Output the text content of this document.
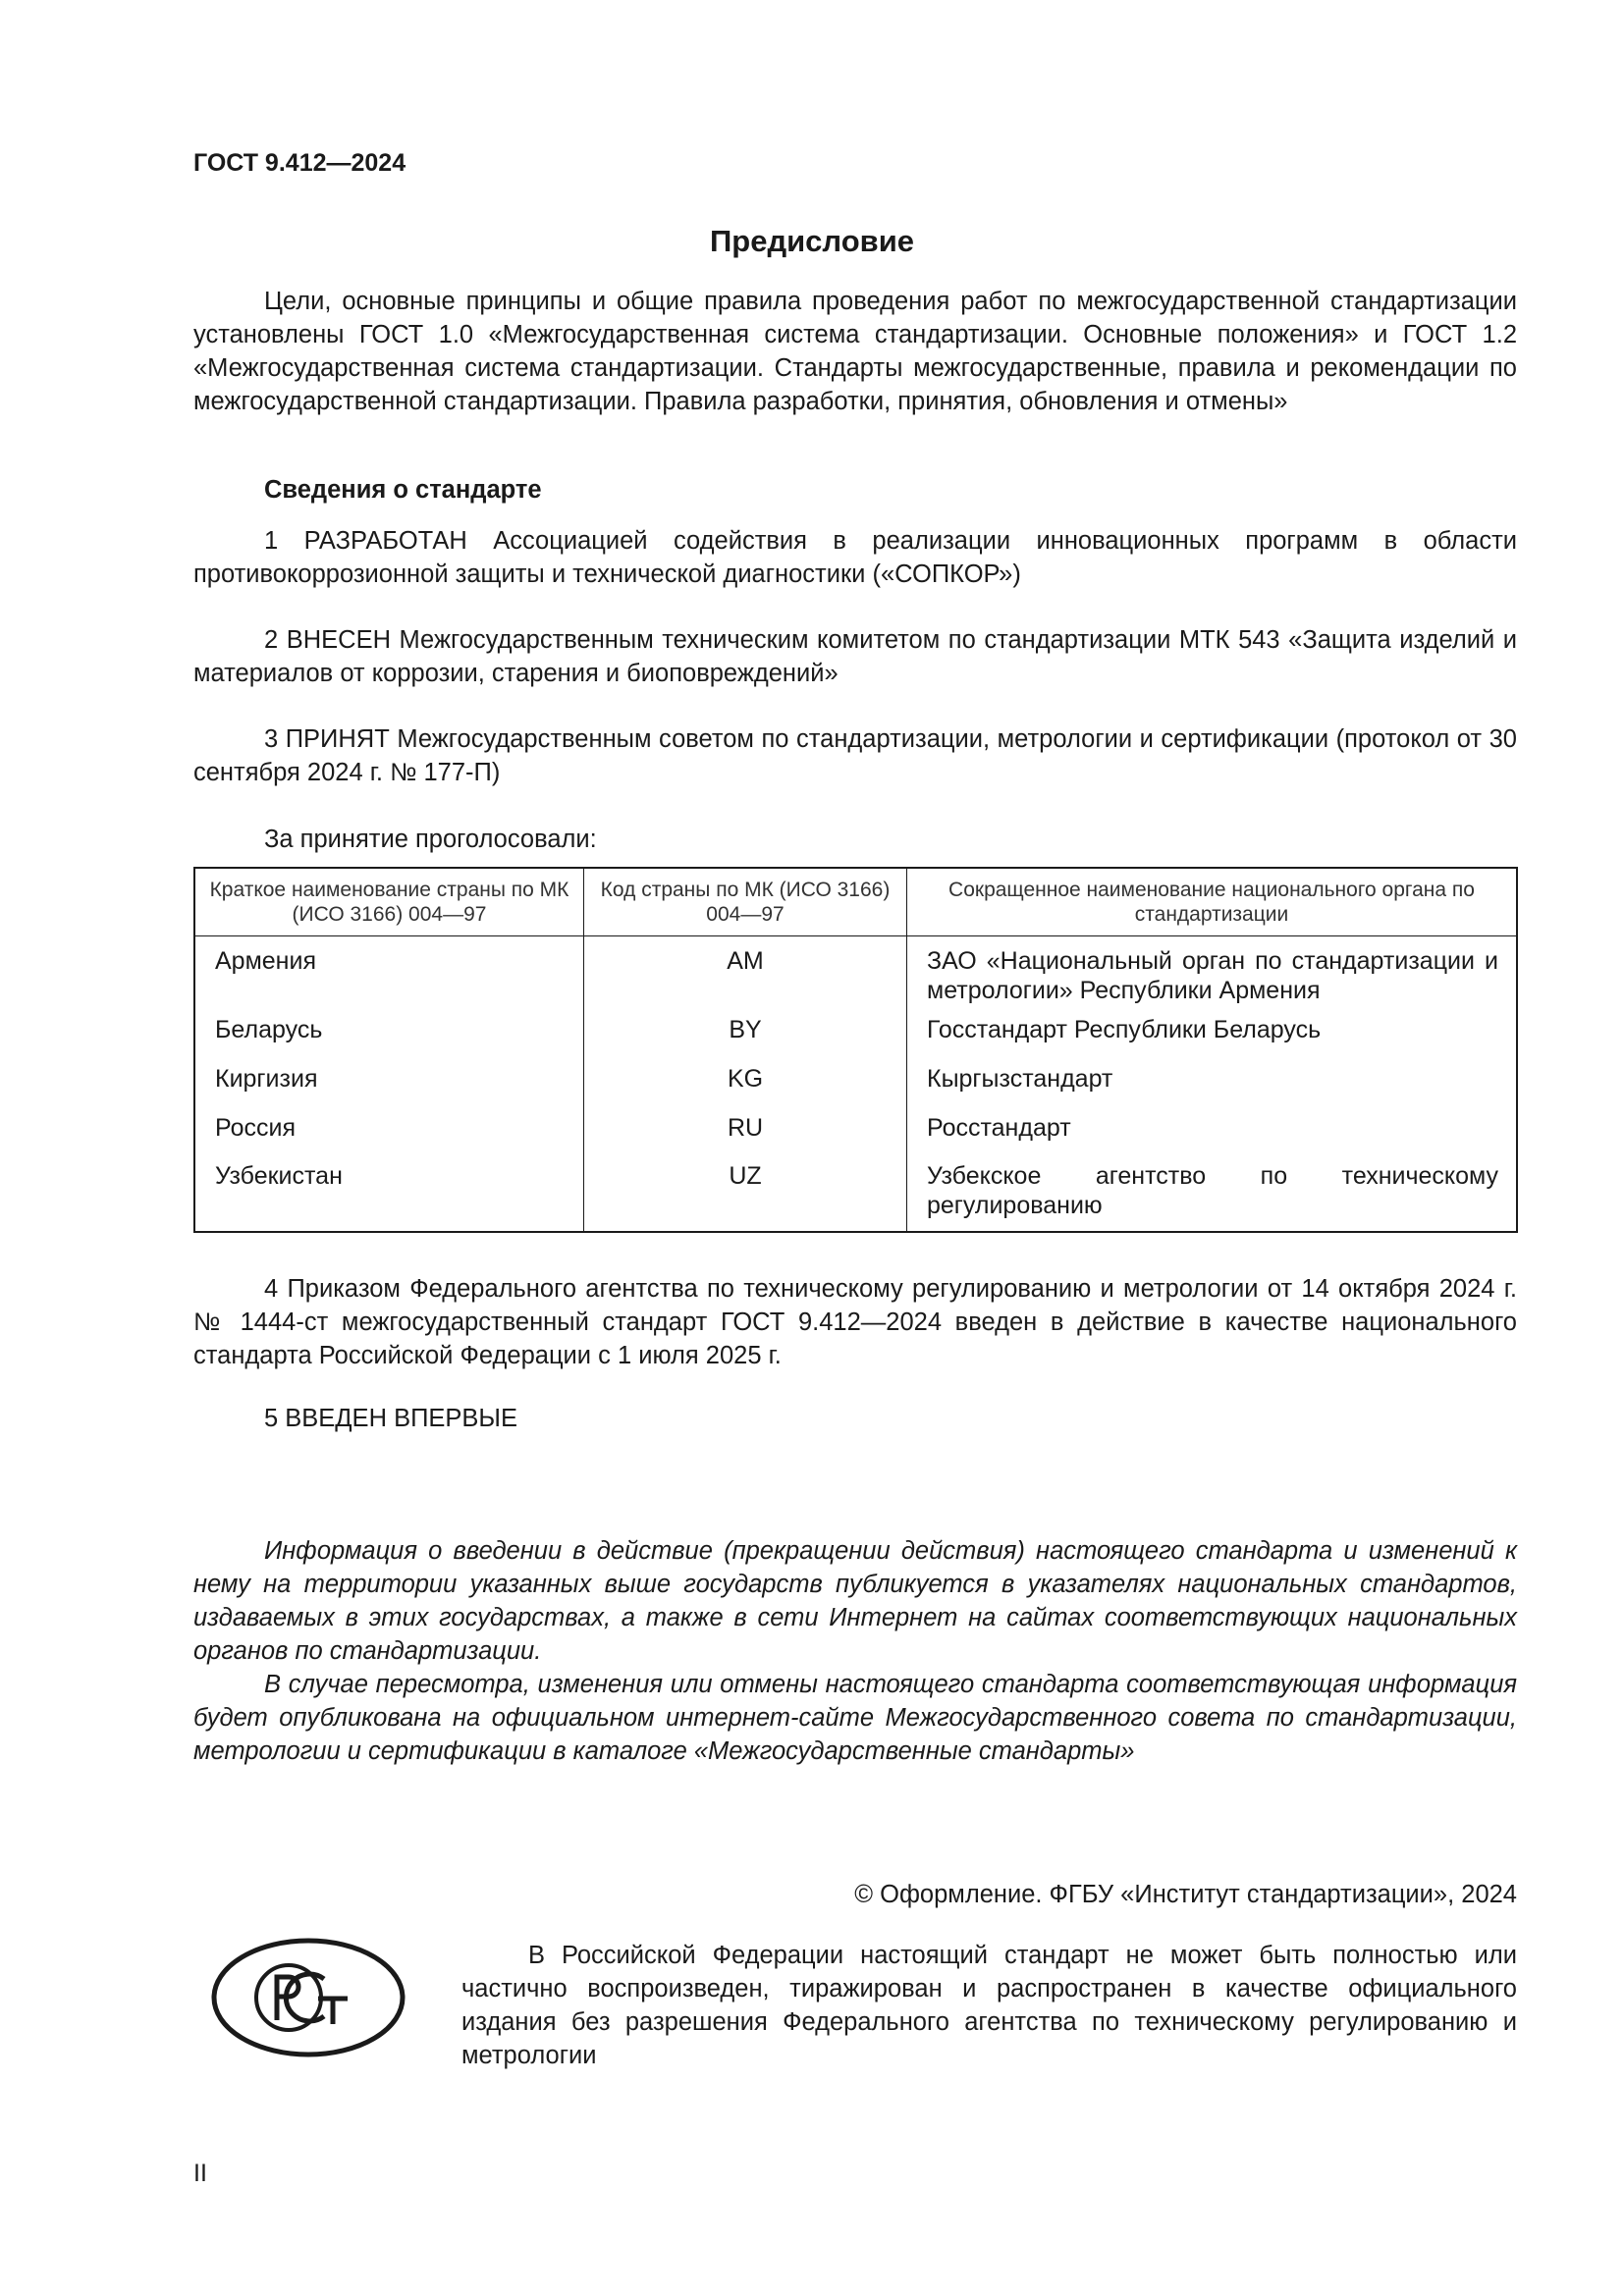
ГОСТ 9.412—2024
Предисловие
Цели, основные принципы и общие правила проведения работ по межгосударственной стандартизации установлены ГОСТ 1.0 «Межгосударственная система стандартизации. Основные положения» и ГОСТ 1.2 «Межгосударственная система стандартизации. Стандарты межгосударственные, правила и рекомендации по межгосударственной стандартизации. Правила разработки, принятия, обновления и отмены»
Сведения о стандарте
1 РАЗРАБОТАН Ассоциацией содействия в реализации инновационных программ в области противокоррозионной защиты и технической диагностики («СОПКОР»)
2 ВНЕСЕН Межгосударственным техническим комитетом по стандартизации МТК 543 «Защита изделий и материалов от коррозии, старения и биоповреждений»
3 ПРИНЯТ Межгосударственным советом по стандартизации, метрологии и сертификации (протокол от 30 сентября 2024 г. № 177-П)
За принятие проголосовали:
Краткое наименование страны по МК (ИСО 3166) 004—97	Код страны по МК (ИСО 3166) 004—97	Сокращенное наименование национального органа по стандартизации
Армения	AM	ЗАО «Национальный орган по стандартизации и метрологии» Республики Армения
Беларусь	BY	Госстандарт Республики Беларусь
Киргизия	KG	Кыргызстандарт
Россия	RU	Росстандарт
Узбекистан	UZ	Узбекское агентство по техническому регулированию
4 Приказом Федерального агентства по техническому регулированию и метрологии от 14 октября 2024 г. № 1444-ст межгосударственный стандарт ГОСТ 9.412—2024 введен в действие в качестве национального стандарта Российской Федерации с 1 июля 2025 г.
5 ВВЕДЕН ВПЕРВЫЕ
Информация о введении в действие (прекращении действия) настоящего стандарта и изменений к нему на территории указанных выше государств публикуется в указателях национальных стандартов, издаваемых в этих государствах, а также в сети Интернет на сайтах соответствующих национальных органов по стандартизации.
В случае пересмотра, изменения или отмены настоящего стандарта соответствующая информация будет опубликована на официальном интернет-сайте Межгосударственного совета по стандартизации, метрологии и сертификации в каталоге «Межгосударственные стандарты»
© Оформление. ФГБУ «Институт стандартизации», 2024
В Российской Федерации настоящий стандарт не может быть полностью или частично воспроизведен, тиражирован и распространен в качестве официального издания без разрешения Федерального агентства по техническому регулированию и метрологии
II
